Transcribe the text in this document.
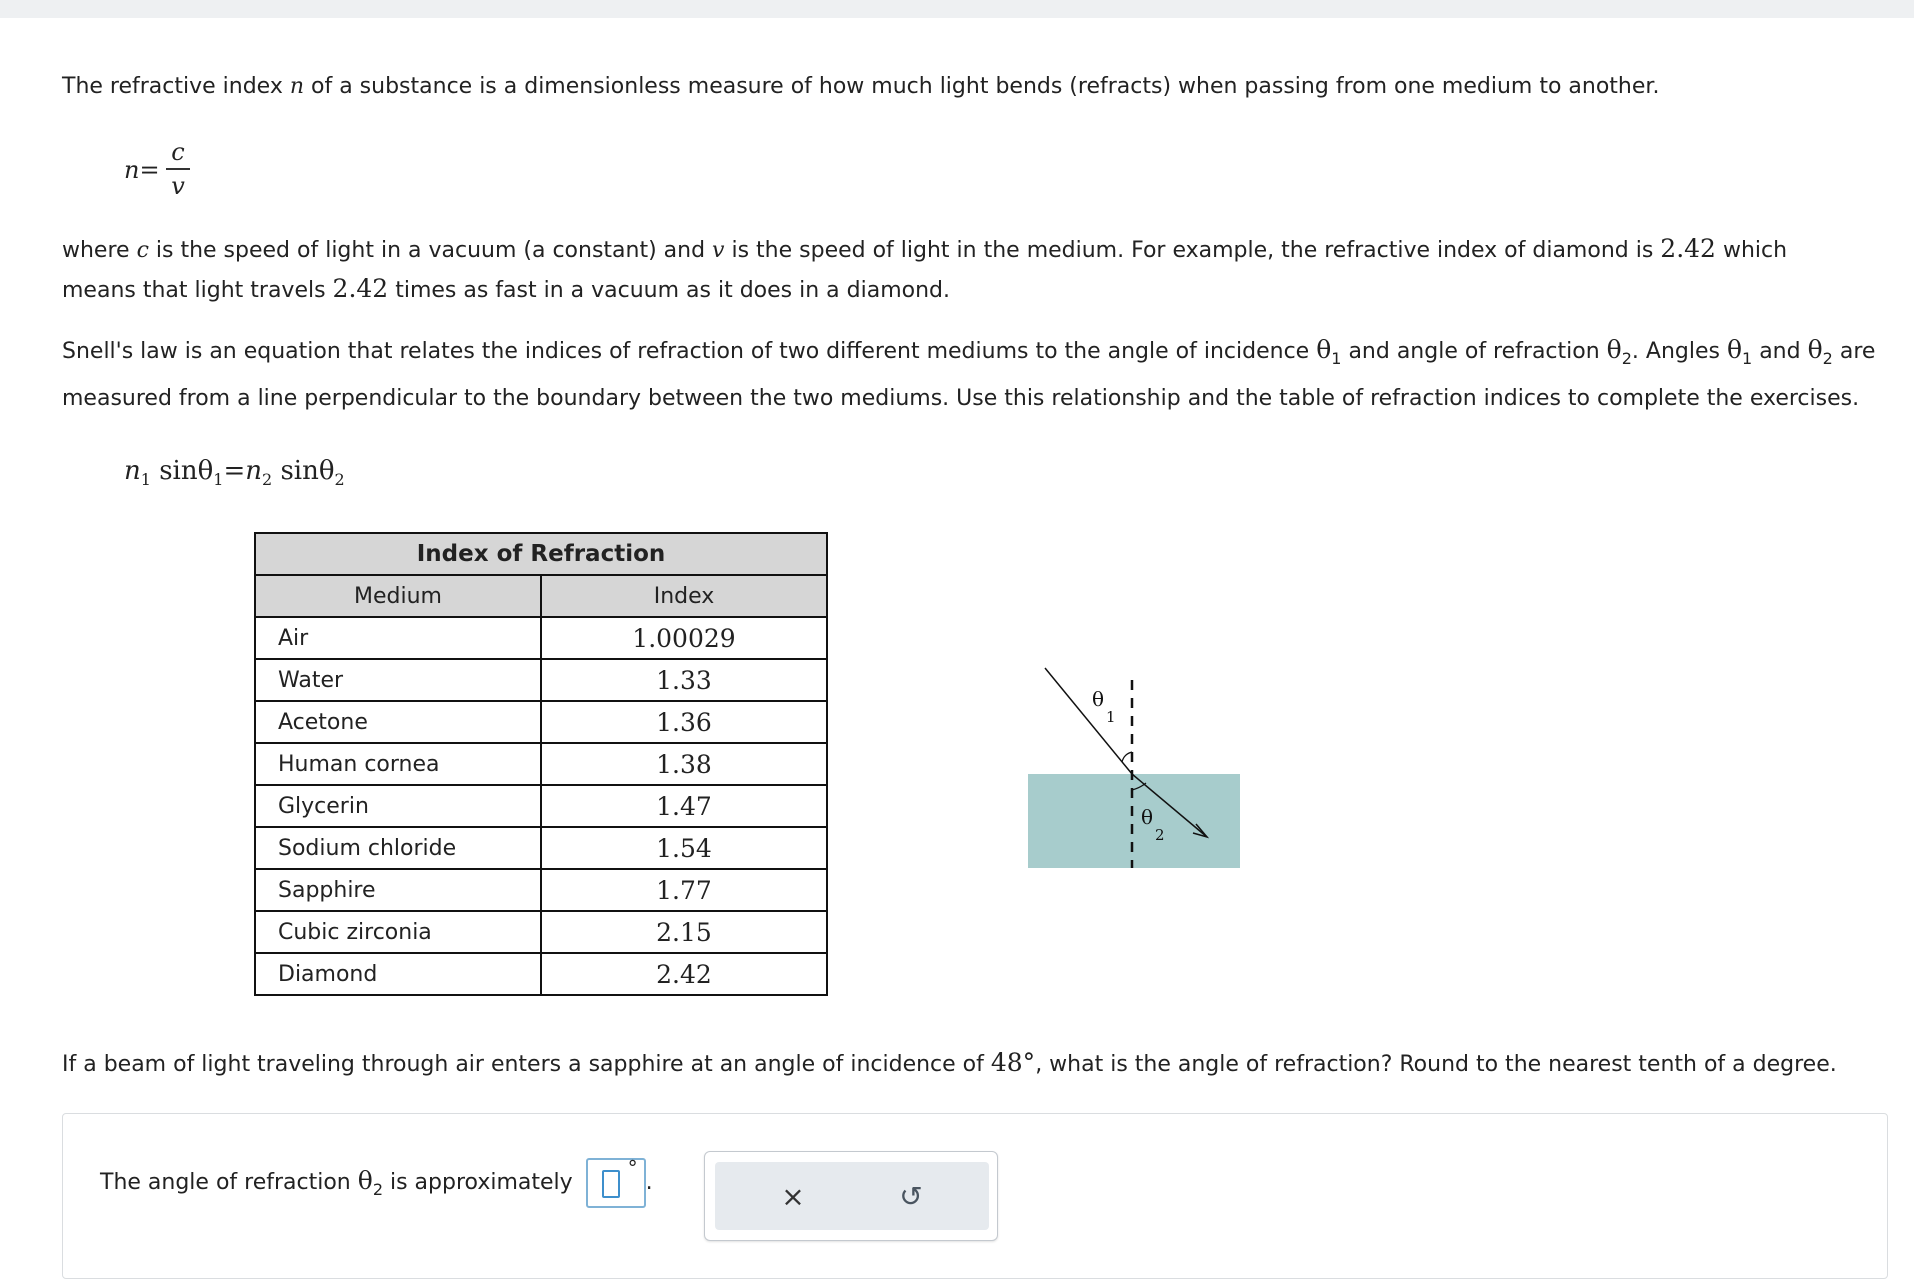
The refractive index n of a substance is a dimensionless measure of how much light bends (refracts) when passing from one medium to another.

n=
c
v

where c is the speed of light in a vacuum (a constant) and v is the speed of light in the medium. For example, the refractive index of diamond is 2.42 which means that light travels 2.42 times as fast in a vacuum as it does in a diamond.

Snell's law is an equation that relates the indices of refraction of two different mediums to the angle of incidence $\theta_1$ and angle of refraction $\theta_2$. Angles $\theta_1$ and $\theta_2$ are measured from a line perpendicular to the boundary between the two mediums. Use this relationship and the table of refraction indices to complete the exercises.

$n_1$ $\sin\theta_1=n_2$ sinθ$_2$
Index of Refraction	
Medium	Index
Air	1.00029
Water	1.33
Acetone	1.36
Human cornea	1.38
Glycerin	1.47
Sodium chloride	1.54
Sapphire	1.77
Cubic zirconia	2.15
Diamond	2.42
θ
1
θ
2

If a beam of light traveling through air enters a sapphire at an angle of incidence of 48°, what is the angle of refraction? Round to the nearest tenth of a degree.

The angle of refraction $\theta_2$ is approximately
°
.	×	↺
